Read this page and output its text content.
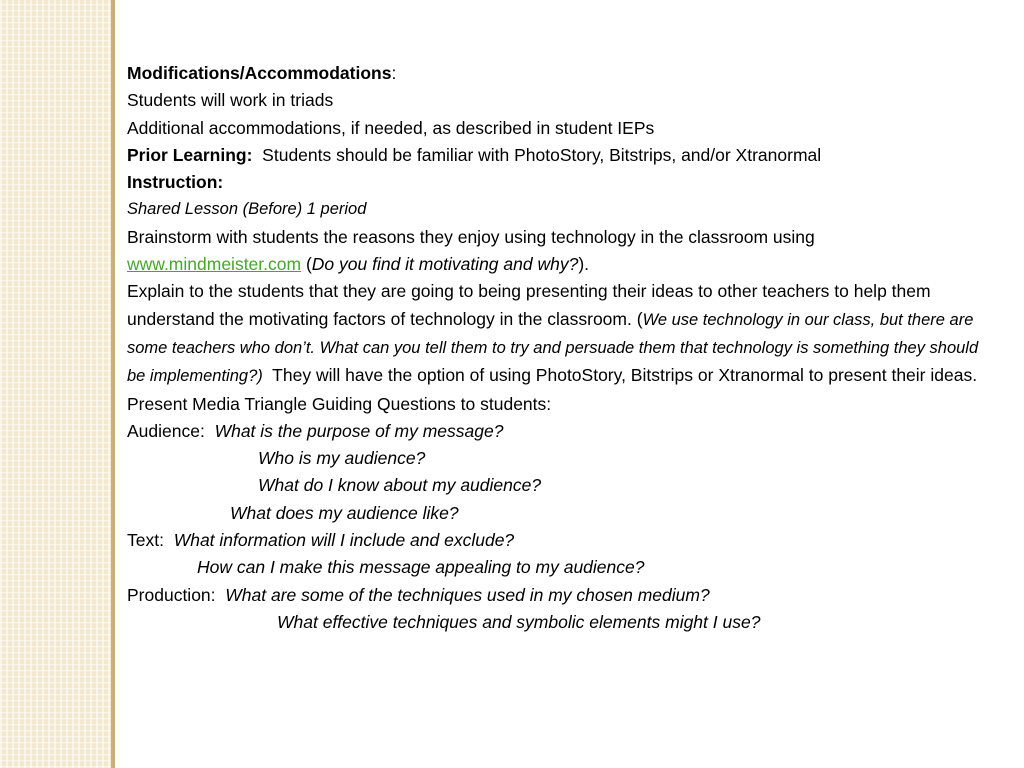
Modifications/Accommodations:
Students will work in triads
Additional accommodations, if needed, as described in student IEPs
Prior Learning: Students should be familiar with PhotoStory, Bitstrips, and/or Xtranormal
Instruction:
Shared Lesson (Before) 1 period
Brainstorm with students the reasons they enjoy using technology in the classroom using www.mindmeister.com (Do you find it motivating and why?).
Explain to the students that they are going to being presenting their ideas to other teachers to help them understand the motivating factors of technology in the classroom. (We use technology in our class, but there are some teachers who don’t. What can you tell them to try and persuade them that technology is something they should be implementing?) They will have the option of using PhotoStory, Bitstrips or Xtranormal to present their ideas.
Present Media Triangle Guiding Questions to students:
Audience: What is the purpose of my message?
Who is my audience?
What do I know about my audience?
What does my audience like?
Text: What information will I include and exclude?
How can I make this message appealing to my audience?
Production: What are some of the techniques used in my chosen medium?
What effective techniques and symbolic elements might I use?
